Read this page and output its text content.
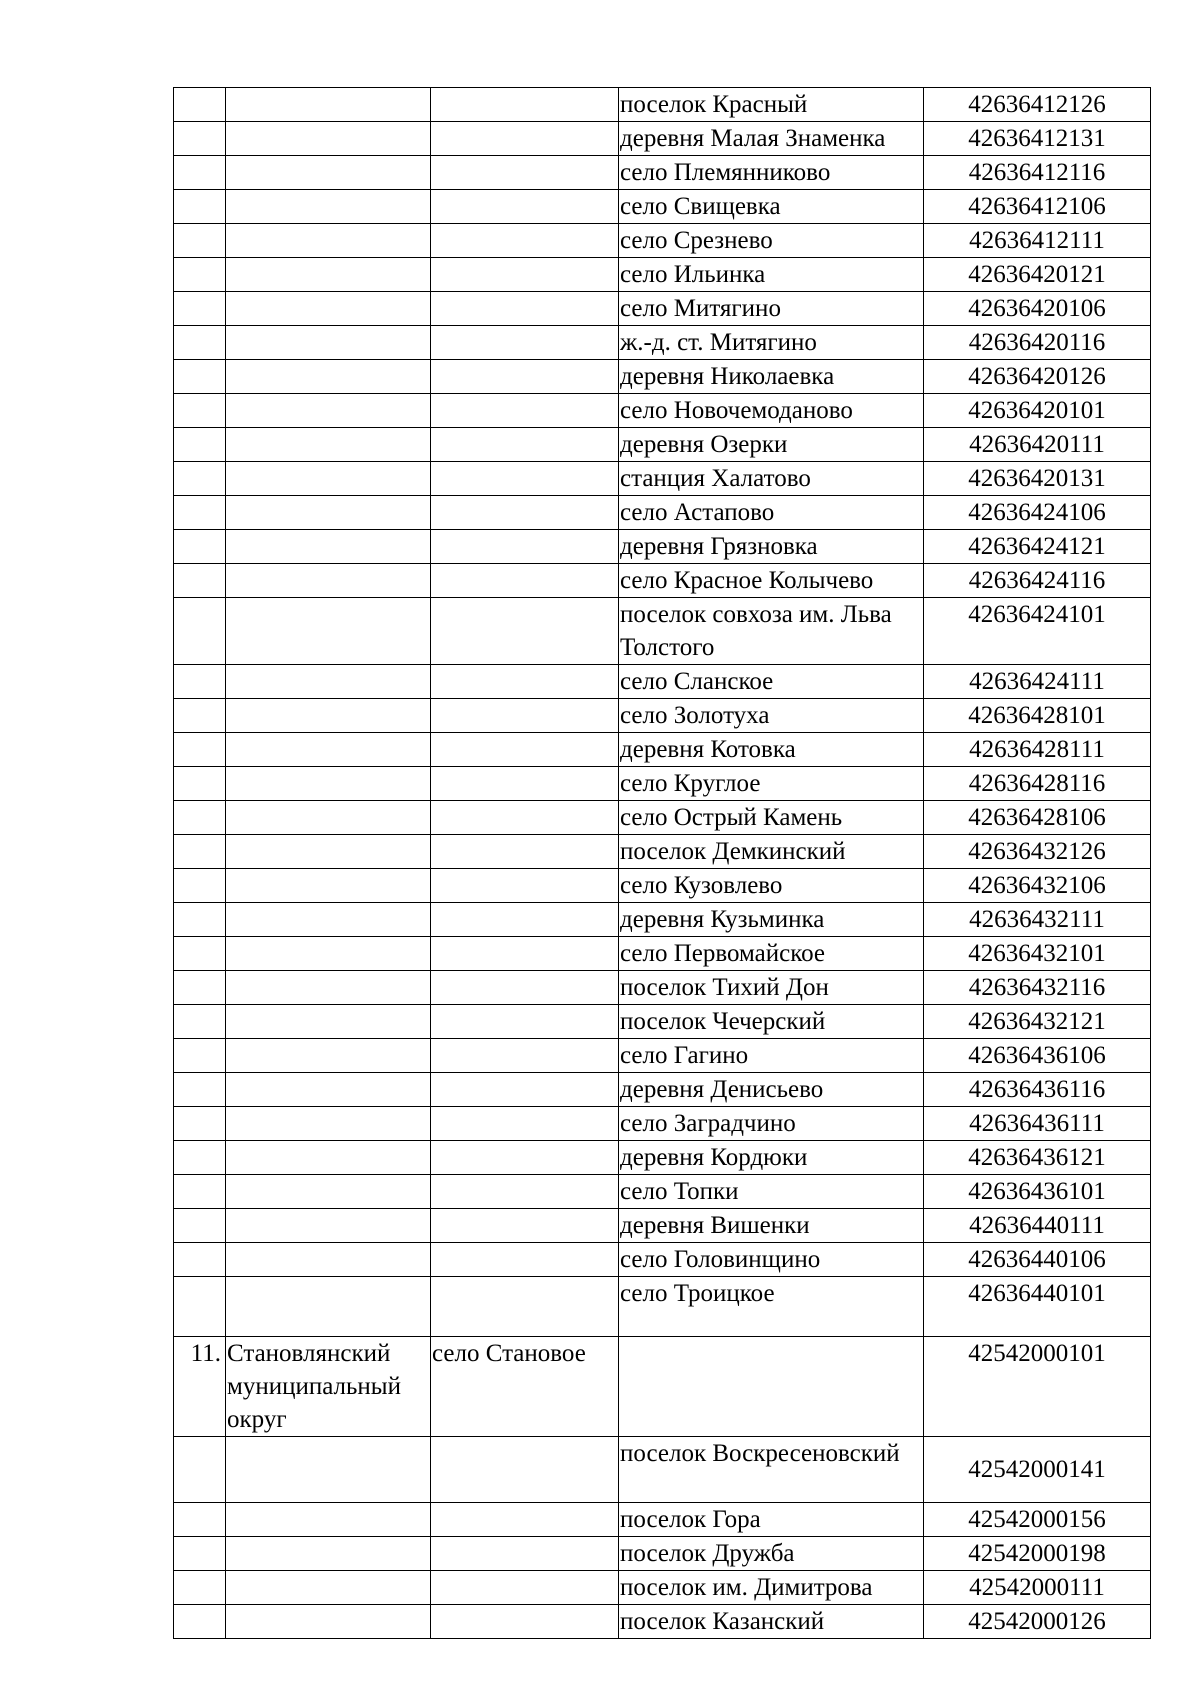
			поселок Красный	42636412126
			деревня Малая Знаменка	42636412131
			село Племянниково	42636412116
			село Свищевка	42636412106
			село Срезнево	42636412111
			село Ильинка	42636420121
			село Митягино	42636420106
			ж.-д. ст. Митягино	42636420116
			деревня Николаевка	42636420126
			село Новочемоданово	42636420101
			деревня Озерки	42636420111
			станция Халатово	42636420131
			село Астапово	42636424106
			деревня Грязновка	42636424121
			село Красное Колычево	42636424116
			поселок совхоза им. Льва Толстого	42636424101
			село Сланское	42636424111
			село Золотуха	42636428101
			деревня Котовка	42636428111
			село Круглое	42636428116
			село Острый Камень	42636428106
			поселок Демкинский	42636432126
			село Кузовлево	42636432106
			деревня Кузьминка	42636432111
			село Первомайское	42636432101
			поселок Тихий Дон	42636432116
			поселок Чечерский	42636432121
			село Гагино	42636436106
			деревня Денисьево	42636436116
			село Заградчино	42636436111
			деревня Кордюки	42636436121
			село Топки	42636436101
			деревня Вишенки	42636440111
			село Головинщино	42636440106
			село Троицкое	42636440101
11.	Становлянский муниципальный округ	село Становое		42542000101
			поселок Воскресеновский	42542000141
			поселок Гора	42542000156
			поселок Дружба	42542000198
			поселок им. Димитрова	42542000111
			поселок Казанский	42542000126
